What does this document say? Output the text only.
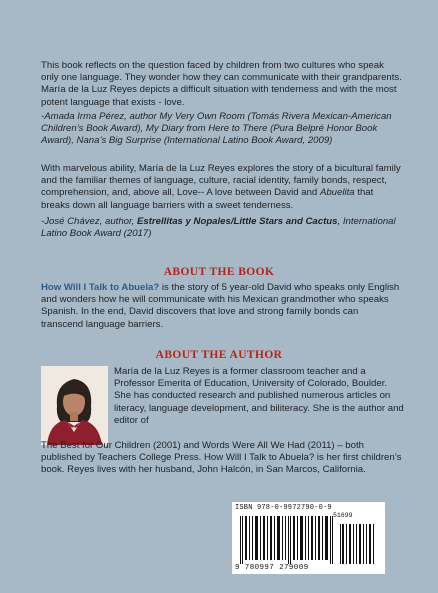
This book reflects on the question faced by children from two cultures who speak only one language. They wonder how they can communicate with their grandparents. María de la Luz Reyes depicts a difficult situation with tenderness and with the most potent language that exists - love.

-Amada Irma Pérez, author My Very Own Room (Tomás Rivera Mexican-American Children’s Book Award), My Diary from Here to There (Pura Belpré Honor Book Award), Nana’s Big Surprise (International Latino Book Award, 2009)

With marvelous ability, María de la Luz Reyes explores the story of a bicultural family and the familiar themes of language, culture, racial identity, family bonds, respect, comprehension, and, above all, Love-- A love between David and Abuelita that breaks down all language barriers with a sweet tenderness.

-José Chávez, author, Estrellitas y Nopales/Little Stars and Cactus, International Latino Book Award (2017)

ABOUT THE BOOK

How Will I Talk to Abuela? is the story of 5 year-old David who speaks only English and wonders how he will communicate with his Mexican grandmother who speaks Spanish. In the end, David discovers that love and strong family bonds can transcend language barriers.

ABOUT THE AUTHOR
María de la Luz Reyes is a former classroom teacher and a Professor Emerita of Education, University of Colorado, Boulder. She has conducted research and published numerous articles on literacy, language development, and biliteracy. She is the author and editor of
The Best for Our Children (2001) and Words Were All We Had (2011) – both published by Teachers College Press. How Will I Talk to Abuela? is her first children’s book. Reyes lives with her husband, John Halcón, in San Marcos, California.
ISBN 978-0-9972790-0-9
51699
9 780997 279009
